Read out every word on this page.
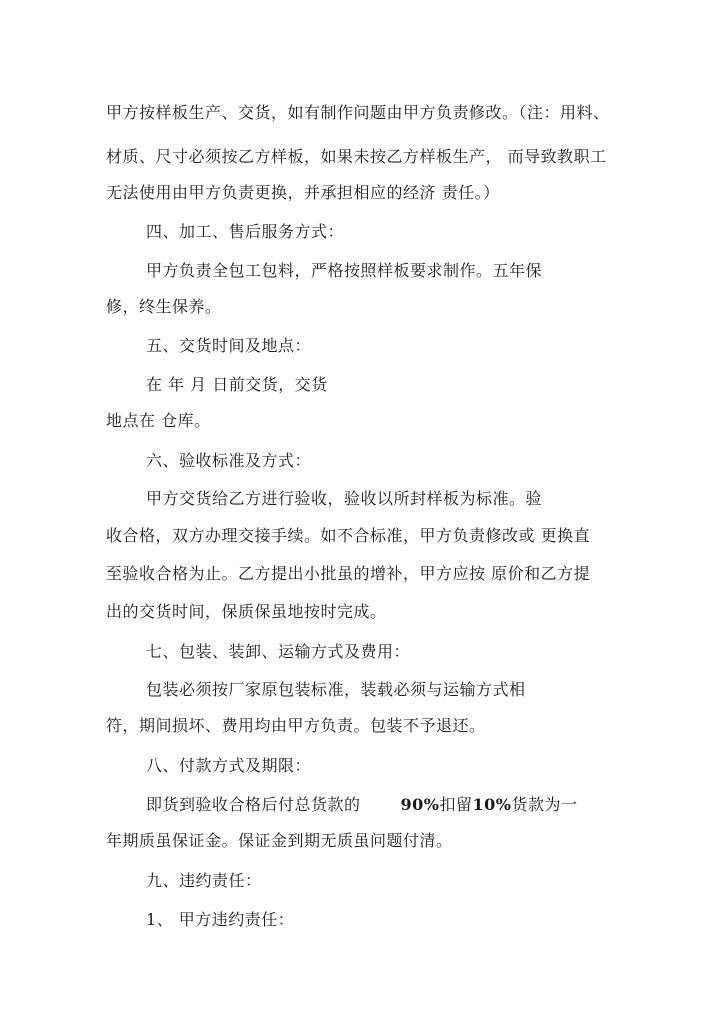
甲方按样板生产、交货，如有制作问题由甲方负责修改。（注：用料、
材质、尺寸必须按乙方样板，如果未按乙方样板生产， 而导致教职工
无法使用由甲方负责更换，并承担相应的经济 责任。）
四、加工、售后服务方式：
甲方负责全包工包料，严格按照样板要求制作。五年保
修，终生保养。
五、交货时间及地点：
在 年 月 日前交货，交货
地点在 仓库。
六、验收标准及方式：
甲方交货给乙方进行验收，验收以所封样板为标准。验
收合格，双方办理交接手续。如不合标准，甲方负责修改或 更换直
至验收合格为止。乙方提出小批虽的增补，甲方应按 原价和乙方提
出的交货时间，保质保虽地按时完成。
七、包装、装卸、运输方式及费用：
包装必须按厂家原包装标准，装载必须与运输方式相
符，期间损坏、费用均由甲方负责。包装不予退还。
八、付款方式及期限：
即货到验收合格后付总货款的	90%扣留10%货款为一
年期质虽保证金。保证金到期无质虽问题付清。
九、违约责任：
1、 甲方违约责任：
